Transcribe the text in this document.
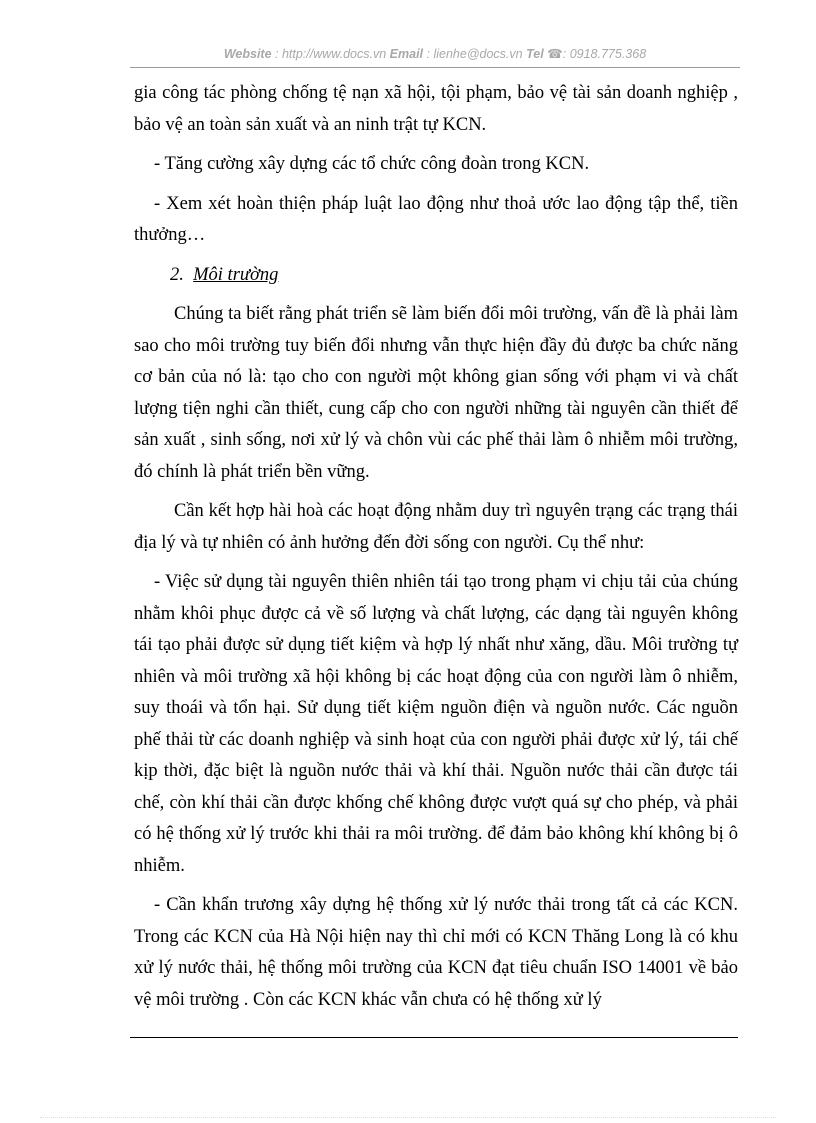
Website : http://www.docs.vn Email : lienhe@docs.vn Tel ☎: 0918.775.368

gia công tác phòng chống tệ nạn xã hội, tội phạm, bảo vệ tài sản doanh nghiệp , bảo vệ an toàn sản xuất và an ninh trật tự KCN.

- Tăng cường xây dựng các tổ chức công đoàn trong KCN.

- Xem xét hoàn thiện pháp luật lao động như thoả ước lao động tập thể, tiền thưởng…

2. Môi trường

Chúng ta biết rằng phát triển sẽ làm biến đổi môi trường, vấn đề là phải làm sao cho môi trường tuy biến đổi nhưng vẫn thực hiện đầy đủ được ba chức năng cơ bản của nó là: tạo cho con người một không gian sống với phạm vi và chất lượng tiện nghi cần thiết, cung cấp cho con người những tài nguyên cần thiết để sản xuất , sinh sống, nơi xử lý và chôn vùi các phế thải làm ô nhiễm môi trường, đó chính là phát triển bền vững.

Cần kết hợp hài hoà các hoạt động nhằm duy trì nguyên trạng các trạng thái địa lý và tự nhiên có ảnh hưởng đến đời sống con người. Cụ thể như:

- Việc sử dụng tài nguyên thiên nhiên tái tạo trong phạm vi chịu tải của chúng nhằm khôi phục được cả về số lượng và chất lượng, các dạng tài nguyên không tái tạo phải được sử dụng tiết kiệm và hợp lý nhất như xăng, dầu. Môi trường tự nhiên và môi trường xã hội không bị các hoạt động của con người làm ô nhiễm, suy thoái và tổn hại. Sử dụng tiết kiệm nguồn điện và nguồn nước. Các nguồn phế thải từ các doanh nghiệp và sinh hoạt của con người phải được xử lý, tái chế kịp thời, đặc biệt là nguồn nước thải và khí thải. Nguồn nước thải cần được tái chế, còn khí thải cần được khống chế không được vượt quá sự cho phép, và phải có hệ thống xử lý trước khi thải ra môi trường. để đảm bảo không khí không bị ô nhiễm.

- Cần khẩn trương xây dựng hệ thống xử lý nước thải trong tất cả các KCN. Trong các KCN của Hà Nội hiện nay thì chỉ mới có KCN Thăng Long là có khu xử lý nước thải, hệ thống môi trường của KCN đạt tiêu chuẩn ISO 14001 về bảo vệ môi trường . Còn các KCN khác vẫn chưa có hệ thống xử lý
